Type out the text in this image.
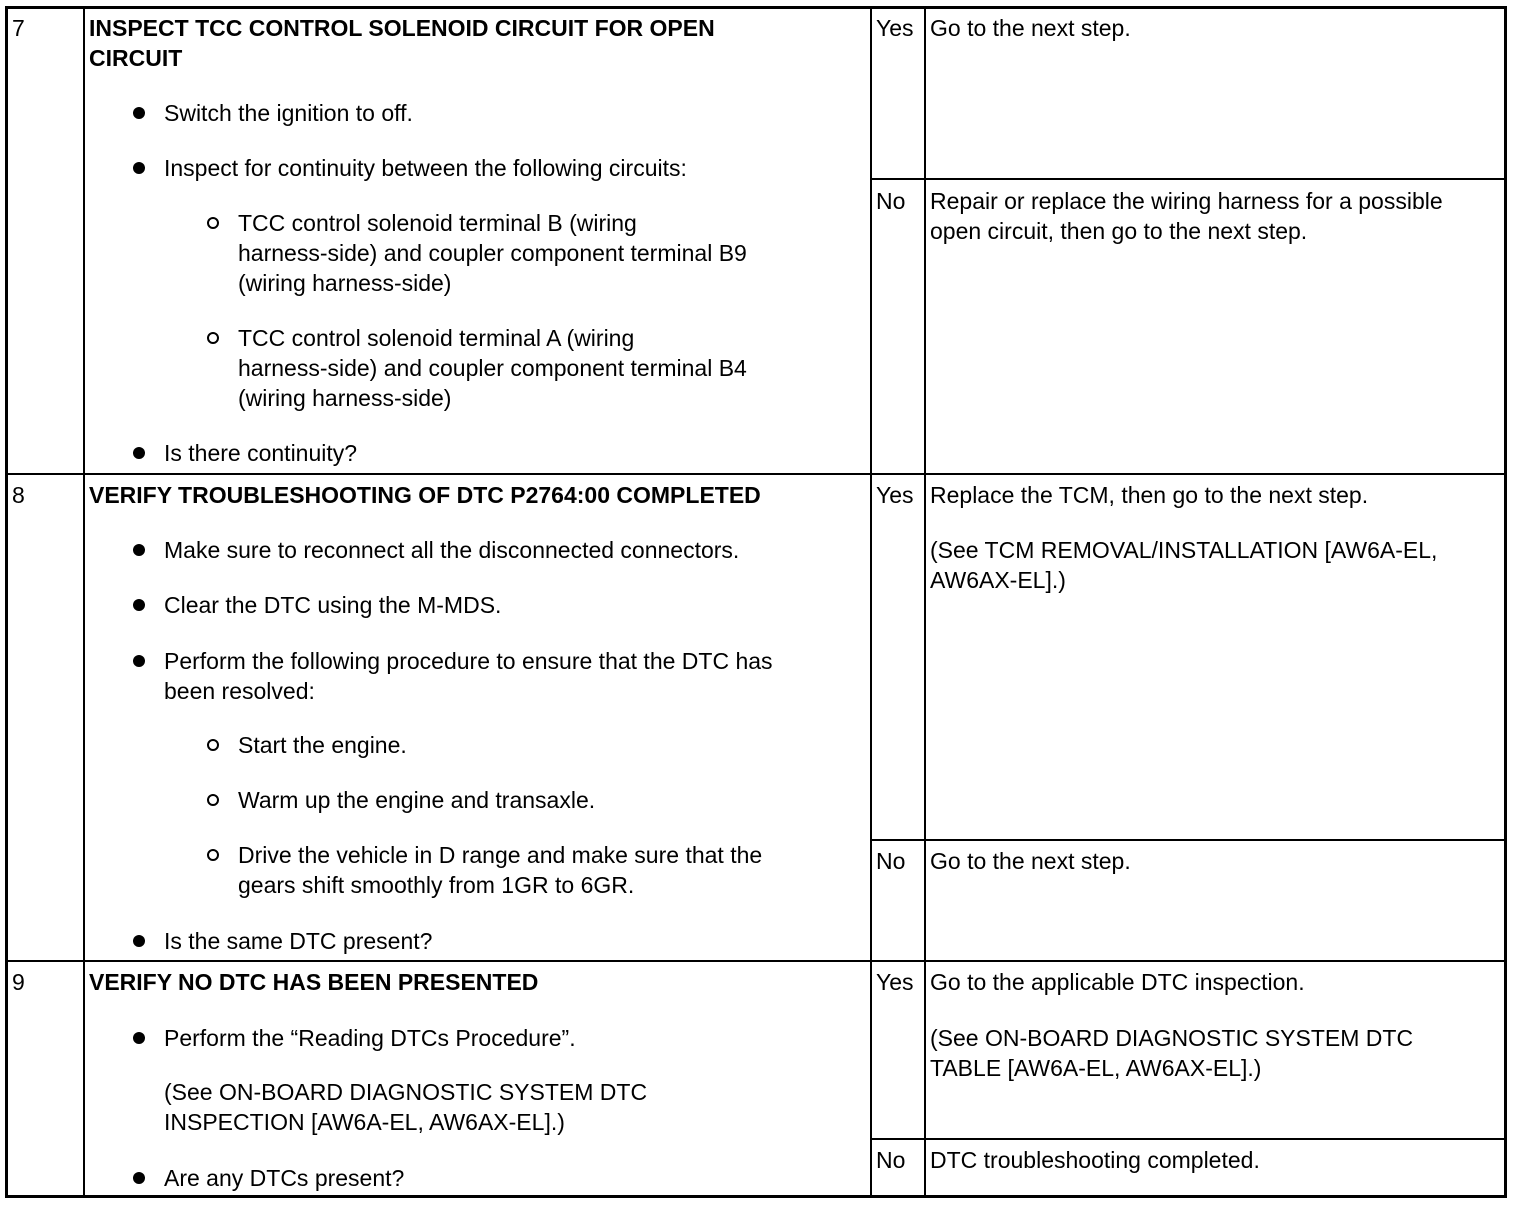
7	INSPECT TCC CONTROL SOLENOID CIRCUIT FOR OPEN
CIRCUIT
Switch the ignition to off.
Inspect for continuity between the following circuits:
TCC control solenoid terminal B (wiring
harness-side) and coupler component terminal B9
(wiring harness-side)
TCC control solenoid terminal A (wiring
harness-side) and coupler component terminal B4
(wiring harness-side)
Is there continuity?
Yes Go to the next step.
No Repair or replace the wiring harness for a possible
open circuit, then go to the next step.
8	VERIFY TROUBLESHOOTING OF DTC P2764:00 COMPLETED
Make sure to reconnect all the disconnected connectors.
Clear the DTC using the M-MDS.
Perform the following procedure to ensure that the DTC has
been resolved:
Start the engine.
Warm up the engine and transaxle.
Drive the vehicle in D range and make sure that the
gears shift smoothly from 1GR to 6GR.
Is the same DTC present?
Yes Replace the TCM, then go to the next step.
(See TCM REMOVAL/INSTALLATION [AW6A-EL,
AW6AX-EL].)
No Go to the next step.
9	VERIFY NO DTC HAS BEEN PRESENTED
Perform the “Reading DTCs Procedure”.
(See ON-BOARD DIAGNOSTIC SYSTEM DTC
INSPECTION [AW6A-EL, AW6AX-EL].)
Are any DTCs present?
Yes Go to the applicable DTC inspection.
(See ON-BOARD DIAGNOSTIC SYSTEM DTC
TABLE [AW6A-EL, AW6AX-EL].)
No DTC troubleshooting completed.
